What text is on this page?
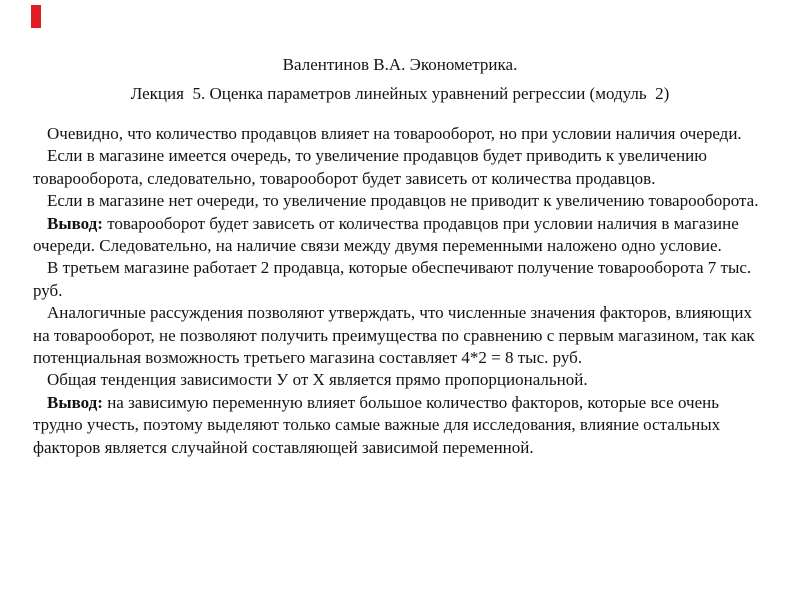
Валентинов В.А. Эконометрика.
Лекция  5. Оценка параметров линейных уравнений регрессии (модуль  2)

Очевидно, что количество продавцов влияет на товарооборот, но при условии наличия очереди.

Если в магазине имеется очередь, то увеличение продавцов будет приводить к увеличению товарооборота, следовательно, товарооборот будет зависеть от количества продавцов.

Если в магазине нет очереди, то увеличение продавцов не приводит к увеличению товарооборота.

Вывод: товарооборот будет зависеть от количества продавцов при условии наличия в магазине очереди. Следовательно, на наличие связи между двумя переменными наложено одно условие.

В третьем магазине работает 2 продавца, которые обеспечивают получение товарооборота 7 тыс. руб.

Аналогичные рассуждения позволяют утверждать, что численные значения факторов, влияющих на товарооборот, не позволяют получить преимущества по сравнению с первым магазином, так как потенциальная возможность третьего магазина составляет 4*2 = 8 тыс. руб.

Общая тенденция зависимости У от Х является прямо пропорциональной.

Вывод: на зависимую переменную влияет большое количество факторов, которые все очень трудно учесть, поэтому выделяют только самые важные для исследования, влияние остальных факторов является случайной составляющей зависимой переменной.
